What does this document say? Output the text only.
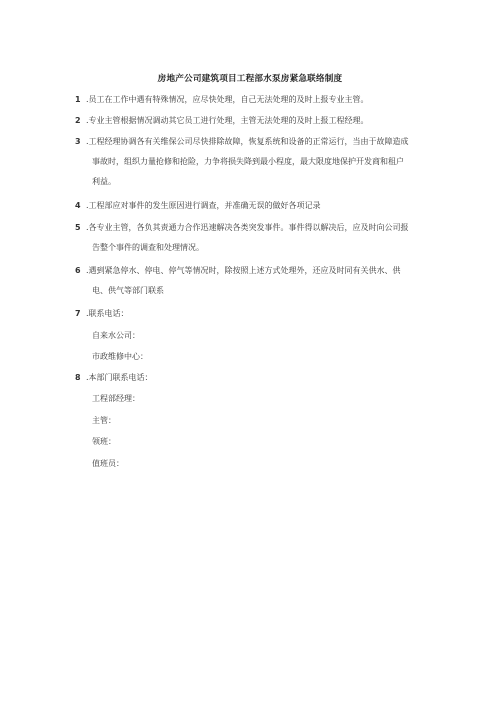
房地产公司建筑项目工程部水泵房紧急联络制度
1 .员工在工作中遇有特殊情况，应尽快处理，自己无法处理的及时上报专业主管。
2 .专业主管根据情况调动其它员工进行处理，主管无法处理的及时上报工程经理。
3 .工程经理协调各有关维保公司尽快排除故障，恢复系统和设备的正常运行，当由于故障造成
事故时，组织力量抢修和抢险，力争将损失降到最小程度，最大限度地保护开发商和租户
利益。
4 .工程部应对事件的发生原因进行调查，并准确无误的做好各项记录
5 .各专业主管，各负其责通力合作迅速解决各类突发事件。事件得以解决后，应及时向公司报
告整个事件的调查和处理情况。
6 .遇到紧急停水、停电、停气等情况时，除按照上述方式处理外，还应及时同有关供水、供
电、供气等部门联系
7 .联系电话：
自来水公司：
市政维修中心：
8 .本部门联系电话：
工程部经理：
主管：
领班：
值班员：
